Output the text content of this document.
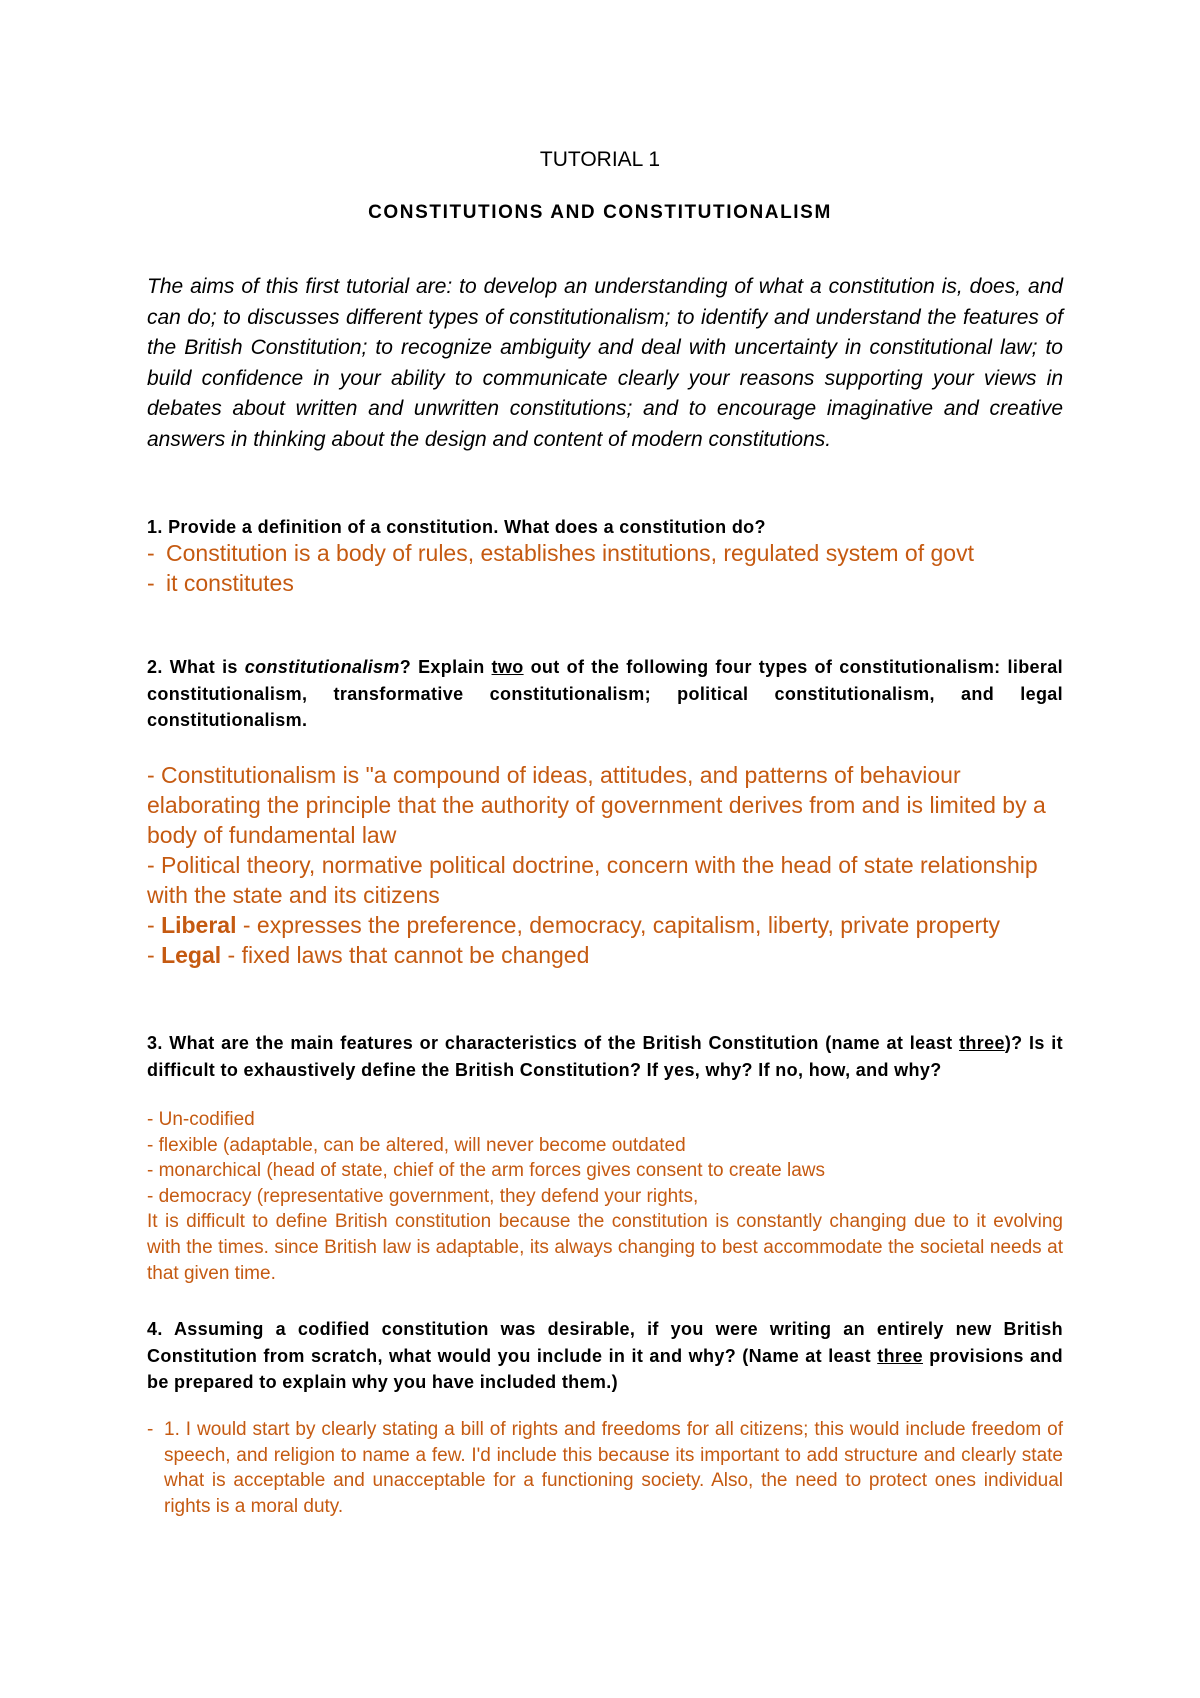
TUTORIAL 1
CONSTITUTIONS AND CONSTITUTIONALISM
The aims of this first tutorial are: to develop an understanding of what a constitution is, does, and can do; to discusses different types of constitutionalism; to identify and understand the features of the British Constitution; to recognize ambiguity and deal with uncertainty in constitutional law; to build confidence in your ability to communicate clearly your reasons supporting your views in debates about written and unwritten constitutions; and to encourage imaginative and creative answers in thinking about the design and content of modern constitutions.
1. Provide a definition of a constitution. What does a constitution do?
- Constitution is a body of rules, establishes institutions, regulated system of govt
- it constitutes
2. What is constitutionalism? Explain two out of the following four types of constitutionalism: liberal constitutionalism, transformative constitutionalism; political constitutionalism, and legal constitutionalism.
- Constitutionalism is "a compound of ideas, attitudes, and patterns of behaviour elaborating the principle that the authority of government derives from and is limited by a body of fundamental law
- Political theory, normative political doctrine, concern with the head of state relationship with the state and its citizens
- Liberal - expresses the preference, democracy, capitalism, liberty, private property
- Legal - fixed laws that cannot be changed
3. What are the main features or characteristics of the British Constitution (name at least three)? Is it difficult to exhaustively define the British Constitution? If yes, why? If no, how, and why?
- Un-codified
- flexible (adaptable, can be altered, will never become outdated
- monarchical (head of state, chief of the arm forces gives consent to create laws
- democracy (representative government, they defend your rights,
It is difficult to define British constitution because the constitution is constantly changing due to it evolving with the times. since British law is adaptable, its always changing to best accommodate the societal needs at that given time.
4. Assuming a codified constitution was desirable, if you were writing an entirely new British Constitution from scratch, what would you include in it and why? (Name at least three provisions and be prepared to explain why you have included them.)
- 1. I would start by clearly stating a bill of rights and freedoms for all citizens; this would include freedom of speech, and religion to name a few. I'd include this because its important to add structure and clearly state what is acceptable and unacceptable for a functioning society. Also, the need to protect ones individual rights is a moral duty.
